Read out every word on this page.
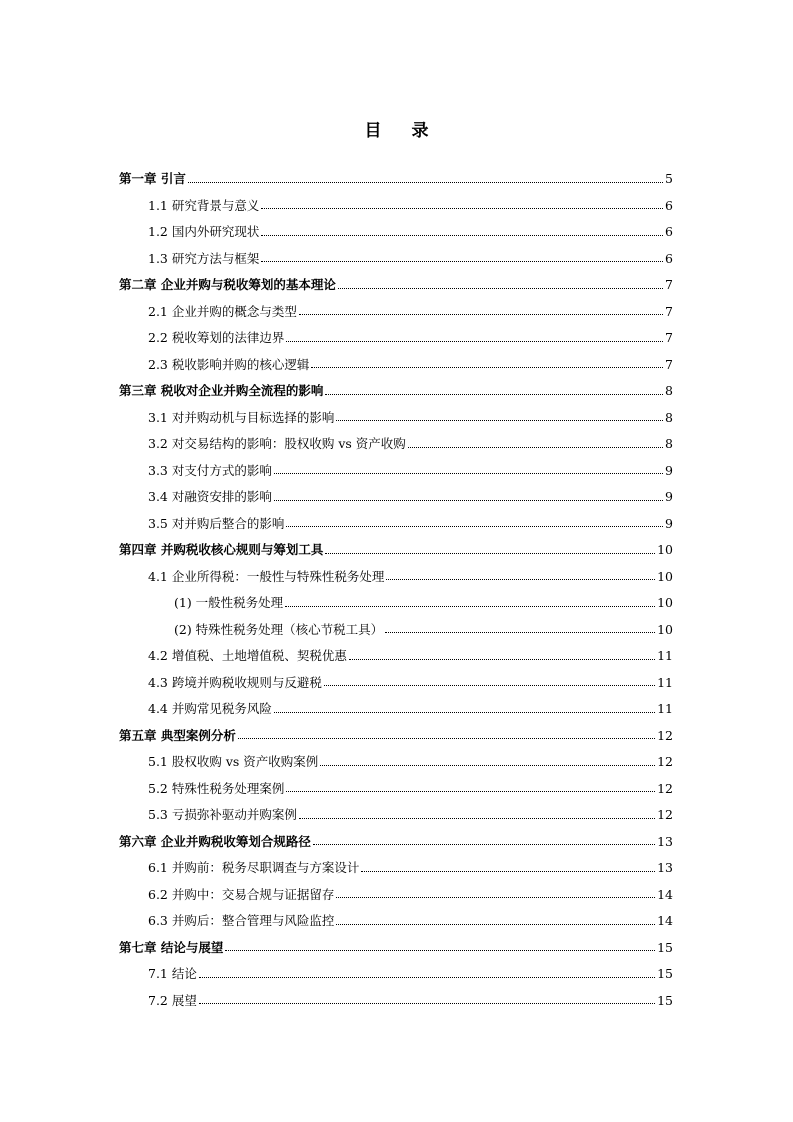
目录
第一章 引言	5
1.1 研究背景与意义	6
1.2 国内外研究现状	6
1.3 研究方法与框架	6
第二章 企业并购与税收筹划的基本理论	7
2.1 企业并购的概念与类型	7
2.2 税收筹划的法律边界	7
2.3 税收影响并购的核心逻辑	7
第三章 税收对企业并购全流程的影响	8
3.1 对并购动机与目标选择的影响	8
3.2 对交易结构的影响：股权收购 vs 资产收购	8
3.3 对支付方式的影响	9
3.4 对融资安排的影响	9
3.5 对并购后整合的影响	9
第四章 并购税收核心规则与筹划工具	10
4.1 企业所得税：一般性与特殊性税务处理	10
(1) 一般性税务处理	10
(2) 特殊性税务处理（核心节税工具）	10
4.2 增值税、土地增值税、契税优惠	11
4.3 跨境并购税收规则与反避税	11
4.4 并购常见税务风险	11
第五章 典型案例分析	12
5.1 股权收购 vs 资产收购案例	12
5.2 特殊性税务处理案例	12
5.3 亏损弥补驱动并购案例	12
第六章 企业并购税收筹划合规路径	13
6.1 并购前：税务尽职调查与方案设计	13
6.2 并购中：交易合规与证据留存	14
6.3 并购后：整合管理与风险监控	14
第七章 结论与展望	15
7.1 结论	15
7.2 展望	15
